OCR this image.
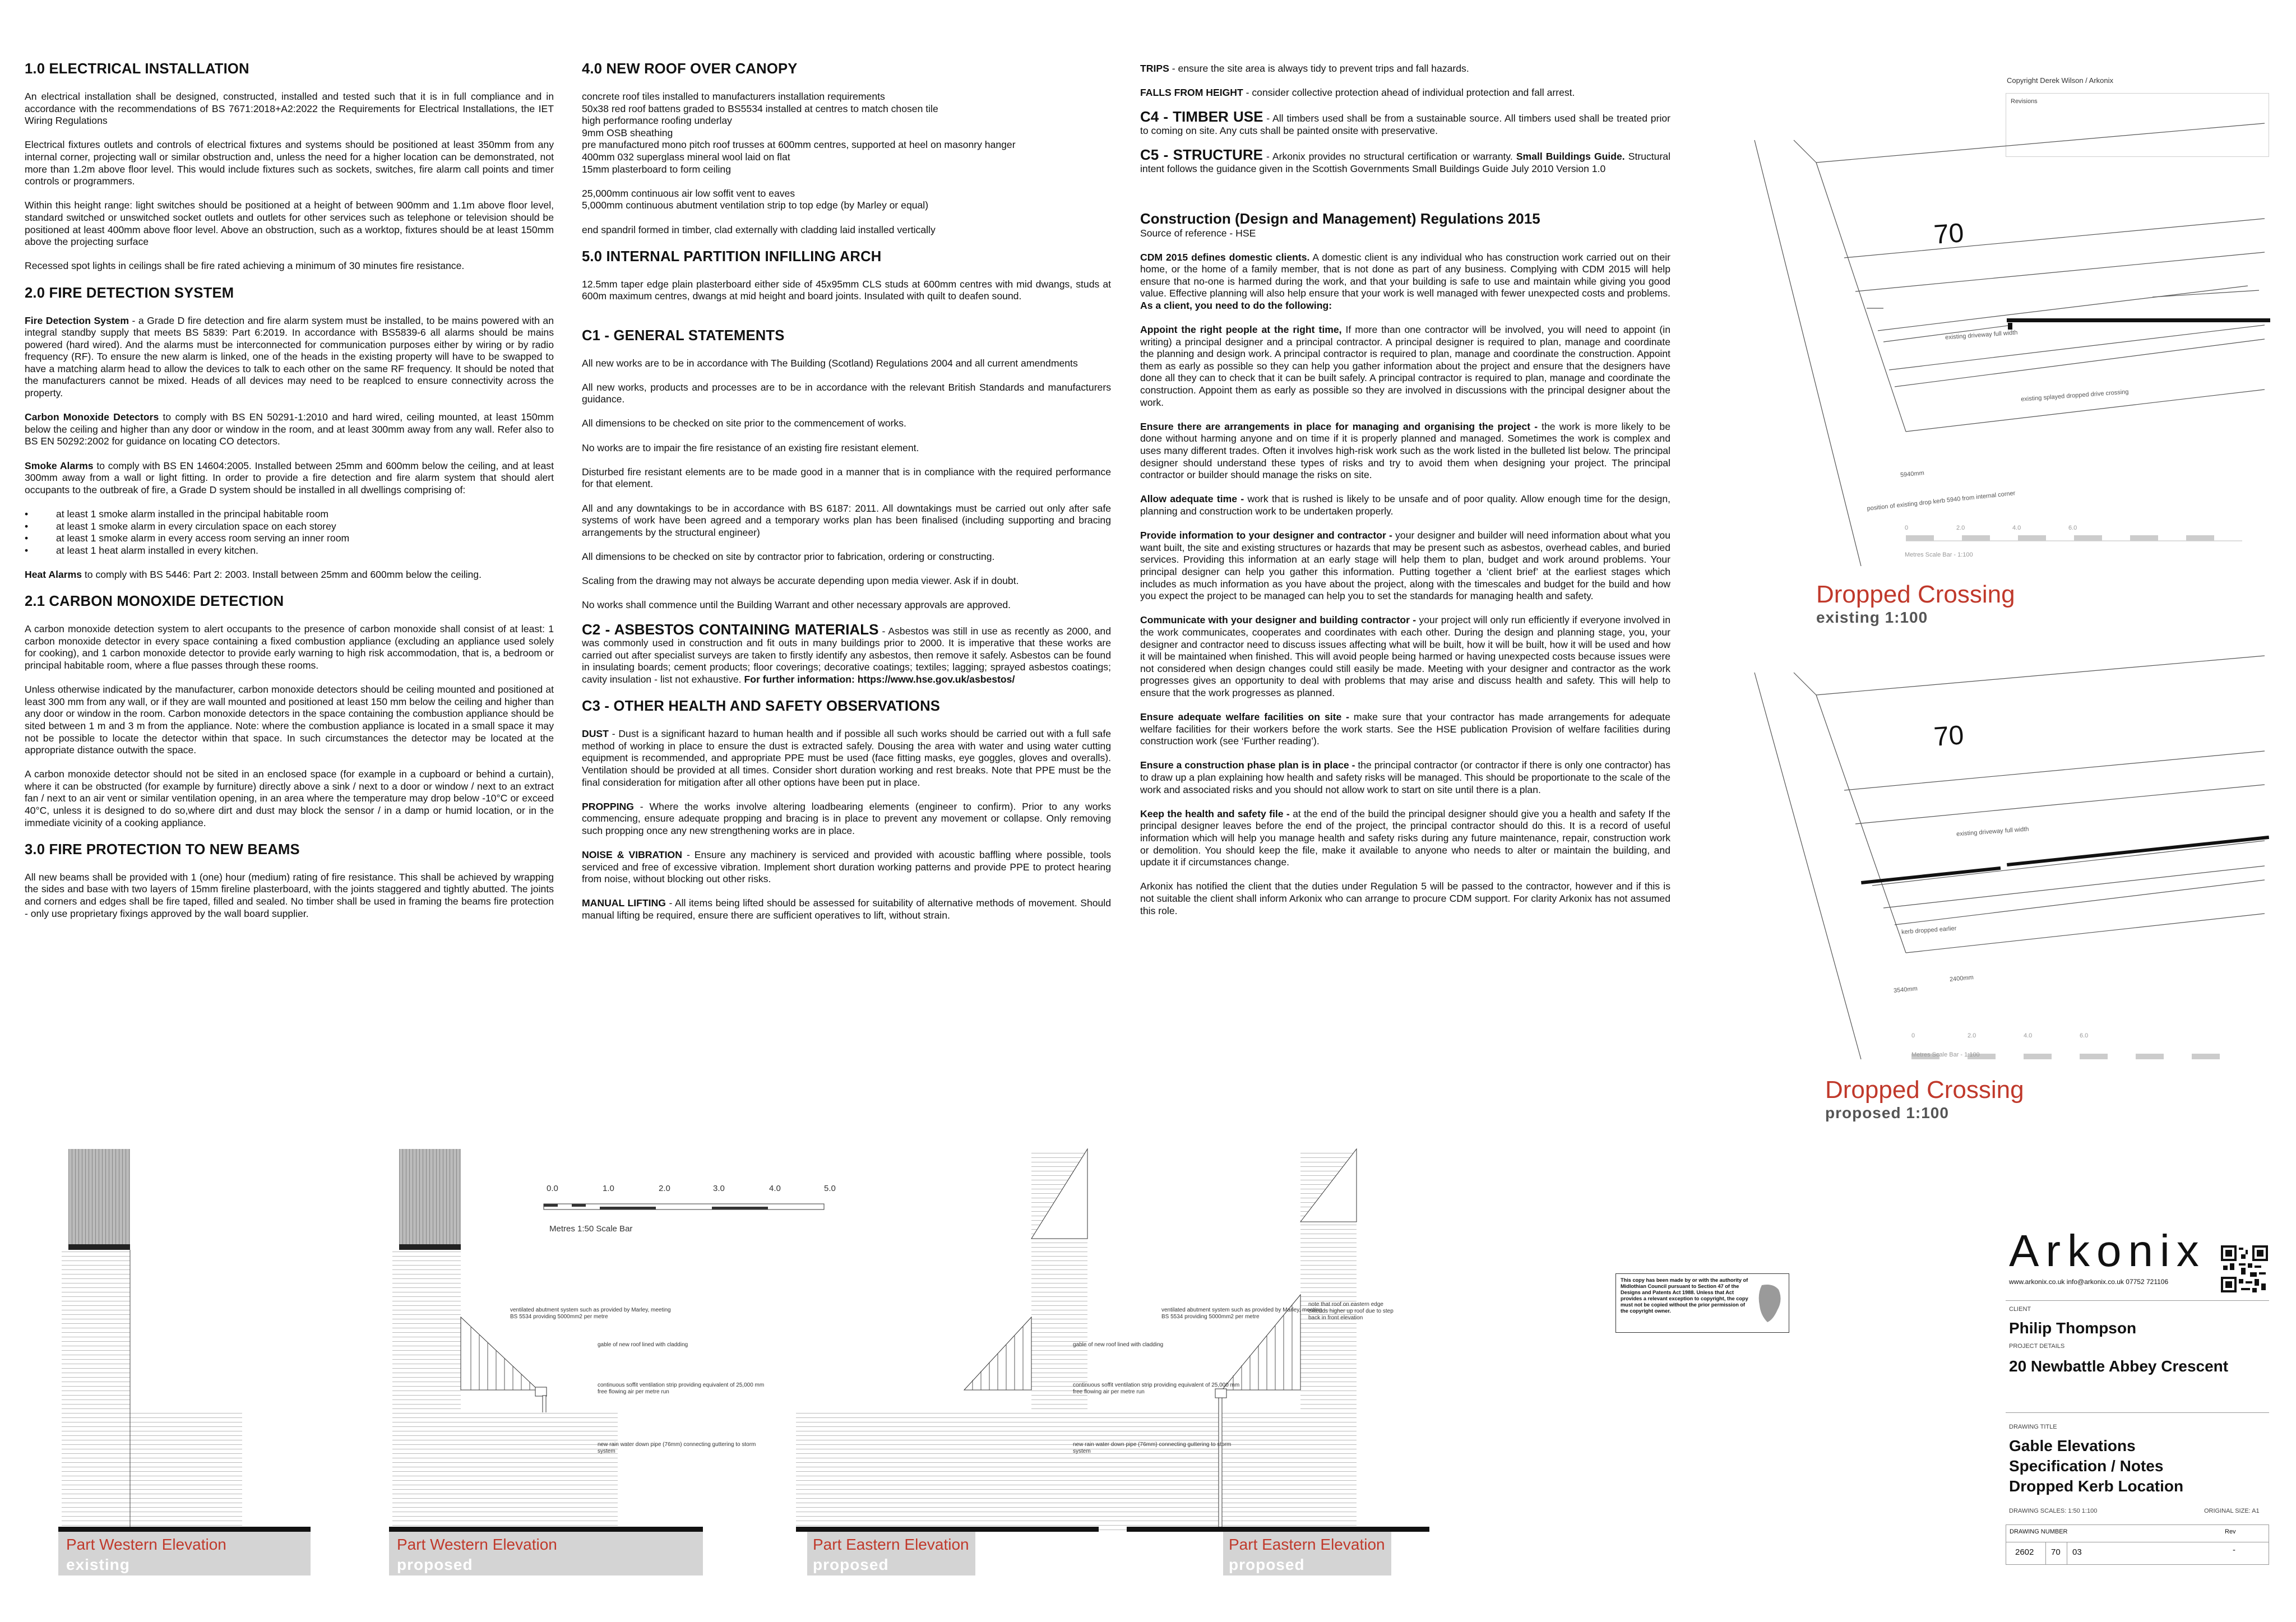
1.0 ELECTRICAL INSTALLATION

An electrical installation shall be designed, constructed, installed and tested such that it is in full compliance and in accordance with the recommendations of BS 7671:2018+A2:2022 the Requirements for Electrical Installations, the IET Wiring Regulations

Electrical fixtures outlets and controls of electrical fixtures and systems should be positioned at least 350mm from any internal corner, projecting wall or similar obstruction and, unless the need for a higher location can be demonstrated, not more than 1.2m above floor level. This would include fixtures such as sockets, switches, fire alarm call points and timer controls or programmers.

Within this height range: light switches should be positioned at a height of between 900mm and 1.1m above floor level, standard switched or unswitched socket outlets and outlets for other services such as telephone or television should be positioned at least 400mm above floor level. Above an obstruction, such as a worktop, fixtures should be at least 150mm above the projecting surface

Recessed spot lights in ceilings shall be fire rated achieving a minimum of 30 minutes fire resistance.

2.0 FIRE DETECTION SYSTEM

Fire Detection System - a Grade D fire detection and fire alarm system must be installed, to be mains powered with an integral standby supply that meets BS 5839: Part 6:2019. In accordance with BS5839-6 all alarms should be mains powered (hard wired). And the alarms must be interconnected for communication purposes either by wiring or by radio frequency (RF). To ensure the new alarm is linked, one of the heads in the existing property will have to be swapped to have a matching alarm head to allow the devices to talk to each other on the same RF frequency. It should be noted that the manufacturers cannot be mixed. Heads of all devices may need to be reaplced to ensure connectivity across the property.

Carbon Monoxide Detectors to comply with BS EN 50291-1:2010 and hard wired, ceiling mounted, at least 150mm below the ceiling and higher than any door or window in the room, and at least 300mm away from any wall. Refer also to BS EN 50292:2002 for guidance on locating CO detectors.

Smoke Alarms to comply with BS EN 14604:2005. Installed between 25mm and 600mm below the ceiling, and at least 300mm away from a wall or light fitting. In order to provide a fire detection and fire alarm system that should alert occupants to the outbreak of fire, a Grade D system should be installed in all dwellings comprising of:

• at least 1 smoke alarm installed in the principal habitable room
• at least 1 smoke alarm in every circulation space on each storey
• at least 1 smoke alarm in every access room serving an inner room
• at least 1 heat alarm installed in every kitchen.

Heat Alarms to comply with BS 5446: Part 2: 2003. Install between 25mm and 600mm below the ceiling.

2.1 CARBON MONOXIDE DETECTION

A carbon monoxide detection system to alert occupants to the presence of carbon monoxide shall consist of at least: 1 carbon monoxide detector in every space containing a fixed combustion appliance (excluding an appliance used solely for cooking), and 1 carbon monoxide detector to provide early warning to high risk accommodation, that is, a bedroom or principal habitable room, where a flue passes through these rooms.

Unless otherwise indicated by the manufacturer, carbon monoxide detectors should be ceiling mounted and positioned at least 300 mm from any wall, or if they are wall mounted and positioned at least 150 mm below the ceiling and higher than any door or window in the room. Carbon monoxide detectors in the space containing the combustion appliance should be sited between 1 m and 3 m from the appliance. Note: where the combustion appliance is located in a small space it may not be possible to locate the detector within that space. In such circumstances the detector may be located at the appropriate distance outwith the space.

A carbon monoxide detector should not be sited in an enclosed space (for example in a cupboard or behind a curtain), where it can be obstructed (for example by furniture) directly above a sink / next to a door or window / next to an extract fan / next to an air vent or similar ventilation opening, in an area where the temperature may drop below -10°C or exceed 40°C, unless it is designed to do so,where dirt and dust may block the sensor / in a damp or humid location, or in the immediate vicinity of a cooking appliance.

3.0 FIRE PROTECTION TO NEW BEAMS

All new beams shall be provided with 1 (one) hour (medium) rating of fire resistance. This shall be achieved by wrapping the sides and base with two layers of 15mm fireline plasterboard, with the joints staggered and tightly abutted. The joints and corners and edges shall be fire taped, filled and sealed. No timber shall be used in framing the beams fire protection - only use proprietary fixings approved by the wall board supplier.

4.0 NEW ROOF OVER CANOPY

concrete roof tiles installed to manufacturers installation requirements
50x38 red roof battens graded to BS5534 installed at centres to match chosen tile
high performance roofing underlay
9mm OSB sheathing
pre manufactured mono pitch roof trusses at 600mm centres, supported at heel on masonry hanger
400mm 032 superglass mineral wool laid on flat
15mm plasterboard to form ceiling

25,000mm continuous air low soffit vent to eaves
5,000mm continuous abutment ventilation strip to top edge (by Marley or equal)

end spandril formed in timber, clad externally with cladding laid installed vertically

5.0 INTERNAL PARTITION INFILLING ARCH

12.5mm taper edge plain plasterboard either side of 45x95mm CLS studs at 600mm centres with mid dwangs, studs at 600m maximum centres, dwangs at mid height and board joints. Insulated with quilt to deafen sound.

C1 - GENERAL STATEMENTS

All new works are to be in accordance with The Building (Scotland) Regulations 2004 and all current amendments

All new works, products and processes are to be in accordance with the relevant British Standards and manufacturers guidance.

All dimensions to be checked on site prior to the commencement of works.

No works are to impair the fire resistance of an existing fire resistant element.

Disturbed fire resistant elements are to be made good in a manner that is in compliance with the required performance for that element.

All and any downtakings to be in accordance with BS 6187: 2011. All downtakings must be carried out only after safe systems of work have been agreed and a temporary works plan has been finalised (including supporting and bracing arrangements by the structural engineer)

All dimensions to be checked on site by contractor prior to fabrication, ordering or constructing.

Scaling from the drawing may not always be accurate depending upon media viewer. Ask if in doubt.

No works shall commence until the Building Warrant and other necessary approvals are approved.

C2 - ASBESTOS CONTAINING MATERIALS - Asbestos was still in use as recently as 2000, and was commonly used in construction and fit outs in many buildings prior to 2000. It is imperative that these works are carried out after specialist surveys are taken to firstly identify any asbestos, then remove it safely. Asbestos can be found in insulating boards; cement products; floor coverings; decorative coatings; textiles; lagging; sprayed asbestos coatings; cavity insulation - list not exhaustive. For further information: https://www.hse.gov.uk/asbestos/

C3 - OTHER HEALTH AND SAFETY OBSERVATIONS

DUST - Dust is a significant hazard to human health and if possible all such works should be carried out with a full safe method of working in place to ensure the dust is extracted safely. Dousing the area with water and using water cutting equipment is recommended, and appropriate PPE must be used (face fitting masks, eye goggles, gloves and overalls). Ventilation should be provided at all times. Consider short duration working and rest breaks. Note that PPE must be the final consideration for mitigation after all other options have been put in place.

PROPPING - Where the works involve altering loadbearing elements (engineer to confirm). Prior to any works commencing, ensure adequate propping and bracing is in place to prevent any movement or collapse. Only removing such propping once any new strengthening works are in place.

NOISE & VIBRATION - Ensure any machinery is serviced and provided with acoustic baffling where possible, tools serviced and free of excessive vibration. Implement short duration working patterns and provide PPE to protect hearing from noise, without blocking out other risks.

MANUAL LIFTING - All items being lifted should be assessed for suitability of alternative methods of movement. Should manual lifting be required, ensure there are sufficient operatives to lift, without strain.

TRIPS - ensure the site area is always tidy to prevent trips and fall hazards.

FALLS FROM HEIGHT - consider collective protection ahead of individual protection and fall arrest.

C4 - TIMBER USE - All timbers used shall be from a sustainable source. All timbers used shall be treated prior to coming on site. Any cuts shall be painted onsite with preservative.

C5 - STRUCTURE - Arkonix provides no structural certification or warranty. Small Buildings Guide. Structural intent follows the guidance given in the Scottish Governments Small Buildings Guide July 2010 Version 1.0

Construction (Design and Management) Regulations 2015

Source of reference - HSE

CDM 2015 defines domestic clients. A domestic client is any individual who has construction work carried out on their home, or the home of a family member, that is not done as part of any business. Complying with CDM 2015 will help ensure that no-one is harmed during the work, and that your building is safe to use and maintain while giving you good value. Effective planning will also help ensure that your work is well managed with fewer unexpected costs and problems. As a client, you need to do the following:

Appoint the right people at the right time, If more than one contractor will be involved, you will need to appoint (in writing) a principal designer and a principal contractor. A principal designer is required to plan, manage and coordinate the planning and design work. A principal contractor is required to plan, manage and coordinate the construction. Appoint them as early as possible so they can help you gather information about the project and ensure that the designers have done all they can to check that it can be built safely. A principal contractor is required to plan, manage and coordinate the construction. Appoint them as early as possible so they are involved in discussions with the principal designer about the work.

Ensure there are arrangements in place for managing and organising the project - the work is more likely to be done without harming anyone and on time if it is properly planned and managed. Sometimes the work is complex and uses many different trades. Often it involves high-risk work such as the work listed in the bulleted list below. The principal designer should understand these types of risks and try to avoid them when designing your project. The principal contractor or builder should manage the risks on site.

Allow adequate time - work that is rushed is likely to be unsafe and of poor quality. Allow enough time for the design, planning and construction work to be undertaken properly.

Provide information to your designer and contractor - your designer and builder will need information about what you want built, the site and existing structures or hazards that may be present such as asbestos, overhead cables, and buried services. Providing this information at an early stage will help them to plan, budget and work around problems. Your principal designer can help you gather this information. Putting together a ‘client brief’ at the earliest stages which includes as much information as you have about the project, along with the timescales and budget for the build and how you expect the project to be managed can help you to set the standards for managing health and safety.

Communicate with your designer and building contractor - your project will only run efficiently if everyone involved in the work communicates, cooperates and coordinates with each other. During the design and planning stage, you, your designer and contractor need to discuss issues affecting what will be built, how it will be built, how it will be used and how it will be maintained when finished. This will avoid people being harmed or having unexpected costs because issues were not considered when design changes could still easily be made. Meeting with your designer and contractor as the work progresses gives an opportunity to deal with problems that may arise and discuss health and safety. This will help to ensure that the work progresses as planned.

Ensure adequate welfare facilities on site - make sure that your contractor has made arrangements for adequate welfare facilities for their workers before the work starts. See the HSE publication Provision of welfare facilities during construction work (see ‘Further reading’).

Ensure a construction phase plan is in place - the principal contractor (or contractor if there is only one contractor) has to draw up a plan explaining how health and safety risks will be managed. This should be proportionate to the scale of the work and associated risks and you should not allow work to start on site until there is a plan.

Keep the health and safety file - at the end of the build the principal designer should give you a health and safety If the principal designer leaves before the end of the project, the principal contractor should do this. It is a record of useful information which will help you manage health and safety risks during any future maintenance, repair, construction work or demolition. You should keep the file, make it available to anyone who needs to alter or maintain the building, and update it if circumstances change.

Arkonix has notified the client that the duties under Regulation 5 will be passed to the contractor, however and if this is not suitable the client shall inform Arkonix who can arrange to procure CDM support. For clarity Arkonix has not assumed this role.

Copyright Derek Wilson / Arkonix
Revisions
70
existing driveway full width
existing splayed dropped drive crossing
5940mm
position of existing drop kerb 5940 from internal corner
0	2.0	4.0	6.0
Metres Scale Bar - 1:100
Dropped Crossing
existing 1:100
70
existing driveway full width
kerb dropped earlier
3540mm
2400mm
0	2.0	4.0	6.0
Metres Scale Bar - 1:100
Dropped Crossing
proposed 1:100
This copy has been made by or with the authority of Midlothian Council pursuant to Section 47 of the Designs and Patents Act 1988. Unless that Act provides a relevant exception to copyright, the copy must not be copied without the prior permission of the copyright owner.
Arkonix
www.arkonix.co.uk info@arkonix.co.uk 07752 721106
CLIENT
Philip Thompson
PROJECT DETAILS
20 Newbattle Abbey Crescent
DRAWING TITLE
Gable Elevations
Specification / Notes
Dropped Kerb Location
DRAWING SCALES: 1:50 1:100	ORIGINAL SIZE: A1
DRAWING NUMBER	Rev
2602 70 03	-
0.0	1.0	2.0	3.0	4.0	5.0
Metres 1:50 Scale Bar
ventilated abutment system such as provided by Marley, meeting BS 5534 providing 5000mm2 per metre
gable of new roof lined with cladding
continuous soffit ventilation strip providing equivalent of 25,000 mm free flowing air per metre run
new rain water down pipe (76mm) connecting guttering to storm system
ventilated abutment system such as provided by Marley, meeting BS 5534 providing 5000mm2 per metre
note that roof on eastern edge extends higher up roof due to step back in front elevation
gable of new roof lined with cladding
continuous soffit ventilation strip providing equivalent of 25,000 mm free flowing air per metre run
new rain water down pipe (76mm) connecting guttering to storm system
Part Western Elevation
existing
Part Western Elevation
proposed
Part Eastern Elevation
proposed
Part Eastern Elevation
proposed
